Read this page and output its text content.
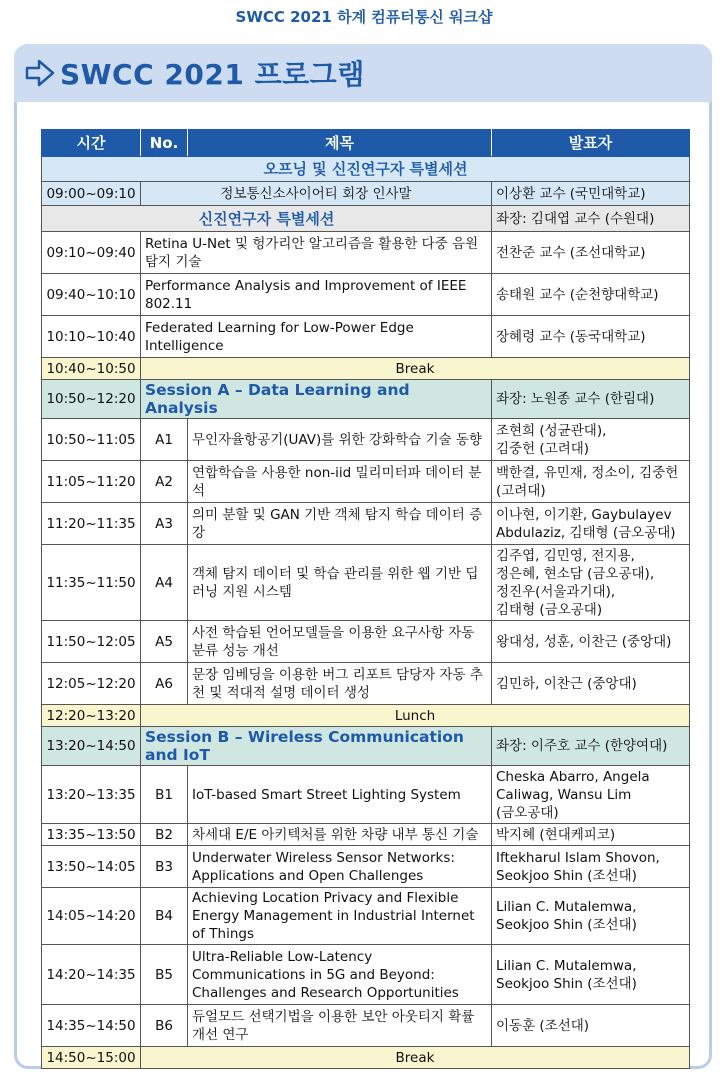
SWCC 2021 하계 컴퓨터통신 워크샵
SWCC 2021 프로그램
시간	No.	제목	발표자
오프닝 및 신진연구자 특별세션			
09:00~09:10	정보통신소사이어티 회장 인사말		이상환 교수 (국민대학교)
신진연구자 특별세션			좌장: 김대엽 교수 (수원대)
09:10~09:40	Retina U-Net 및 헝가리안 알고리즘을 활용한 다중 음원 탐지 기술		전찬준 교수 (조선대학교)
09:40~10:10	Performance Analysis and Improvement of IEEE 802.11		송태원 교수 (순천향대학교)
10:10~10:40	Federated Learning for Low-Power Edge Intelligence		장혜령 교수 (동국대학교)
10:40~10:50	Break		
10:50~12:20	Session A – Data Learning and Analysis		좌장: 노원종 교수 (한림대)
10:50~11:05	A1	무인자율항공기(UAV)를 위한 강화학습 기술 동향	조현희 (성균관대),
김중헌 (고려대)

11:05~11:20	A2	연합학습을 사용한 non-iid 밀리미터파 데이터 분석	백한결, 유민재, 정소이, 김중헌
(고려대)

11:20~11:35	A3	의미 분할 및 GAN 기반 객체 탐지 학습 데이터 증강	이나현, 이기환, Gaybulayev
Abdulaziz, 김태형 (금오공대)

11:35~11:50	A4	객체 탐지 데이터 및 학습 관리를 위한 웹 기반 딥러닝 지원 시스템	김주엽, 김민영, 전지용,
정은혜, 현소담 (금오공대),
정진우(서울과기대),
김태형 (금오공대)

11:50~12:05	A5	사전 학습된 언어모델들을 이용한 요구사항 자동 분류 성능 개선	왕대성, 성훈, 이찬근 (중앙대)
12:05~12:20	A6	문장 임베딩을 이용한 버그 리포트 담당자 자동 추천 및 적대적 설명 데이터 생성	김민하, 이찬근 (중앙대)
12:20~13:20	Lunch		
13:20~14:50	Session B – Wireless Communication and IoT		좌장: 이주호 교수 (한양여대)
13:20~13:35	B1	IoT-based Smart Street Lighting System	Cheska Abarro, Angela
Caliwag, Wansu Lim
(금오공대)

13:35~13:50	B2	차세대 E/E 아키텍처를 위한 차량 내부 통신 기술	박지혜 (현대케피코)
13:50~14:05	B3	Underwater Wireless Sensor Networks: Applications and Open Challenges	Iftekharul Islam Shovon,
Seokjoo Shin (조선대)

14:05~14:20	B4	Achieving Location Privacy and Flexible Energy Management in Industrial Internet of Things	Lilian C. Mutalemwa,
Seokjoo Shin (조선대)

14:20~14:35	B5	Ultra-Reliable Low-Latency Communications in 5G and Beyond: Challenges and Research Opportunities	Lilian C. Mutalemwa,
Seokjoo Shin (조선대)

14:35~14:50	B6	듀얼모드 선택기법을 이용한 보안 아웃티지 확률 개선 연구	이동훈 (조선대)
14:50~15:00	Break		
